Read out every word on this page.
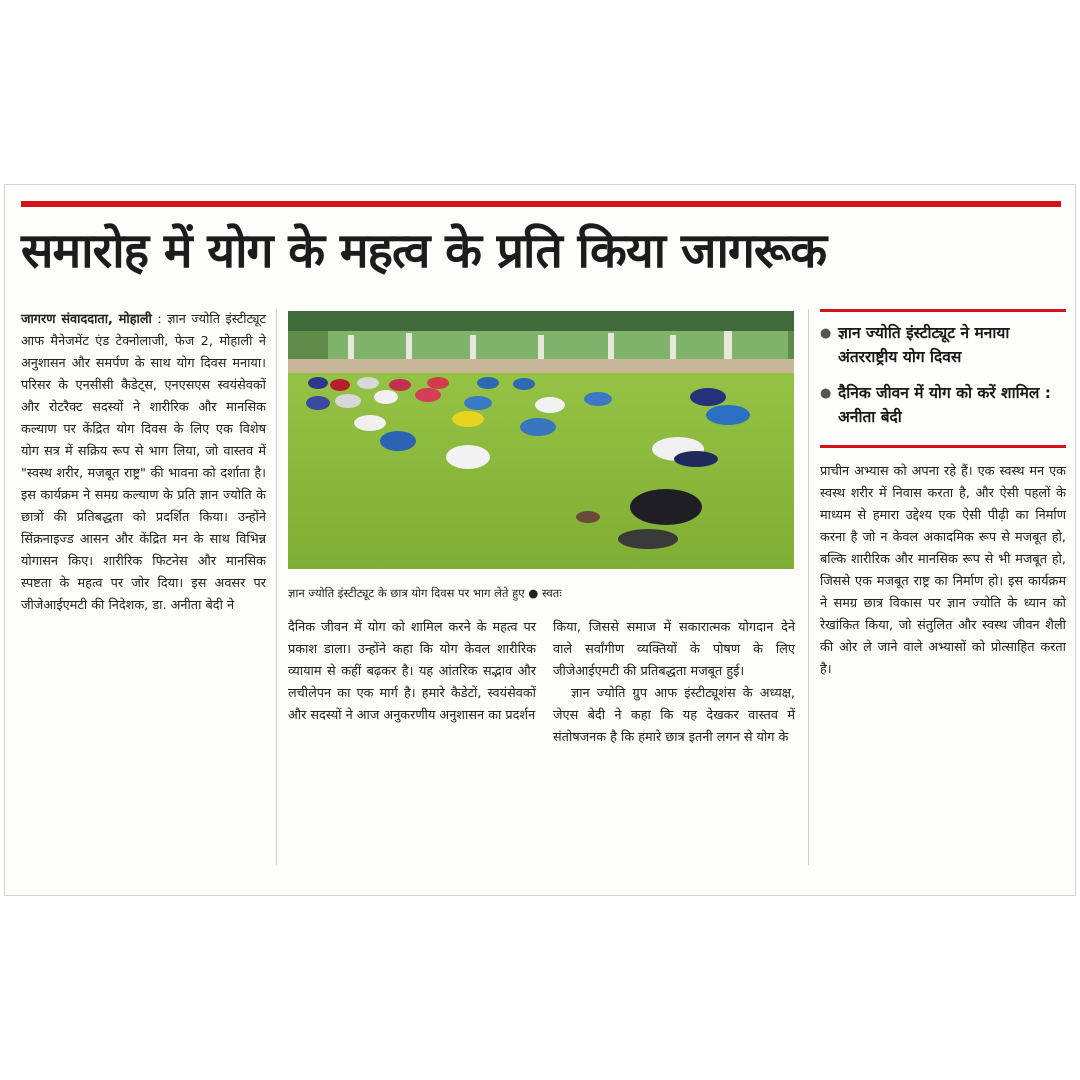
समारोह में योग के महत्व के प्रति किया जागरूक

जागरण संवाददाता, मोहाली : ज्ञान ज्योति इंस्टीट्यूट आफ मैनेजमेंट एंड टेक्नोलाजी, फेज 2, मोहाली ने अनुशासन और समर्पण के साथ योग दिवस मनाया। परिसर के एनसीसी कैडेट्स, एनएसएस स्वयंसेवकों और रोटरैक्ट सदस्यों ने शारीरिक और मानसिक कल्याण पर केंद्रित योग दिवस के लिए एक विशेष योग सत्र में सक्रिय रूप से भाग लिया, जो वास्तव में "स्वस्थ शरीर, मजबूत राष्ट्र" की भावना को दर्शाता है। इस कार्यक्रम ने समग्र कल्याण के प्रति ज्ञान ज्योति के छात्रों की प्रतिबद्धता को प्रदर्शित किया। उन्होंने सिंक्रनाइज्ड आसन और केंद्रित मन के साथ विभिन्न योगासन किए। शारीरिक फिटनेस और मानसिक स्पष्टता के महत्व पर जोर दिया। इस अवसर पर जीजेआईएमटी की निदेशक, डा. अनीता बेदी ने

ज्ञान ज्योति इंस्टीट्यूट के छात्र योग दिवस पर भाग लेते हुए ● स्वतः

दैनिक जीवन में योग को शामिल करने के महत्व पर प्रकाश डाला। उन्होंने कहा कि योग केवल शारीरिक व्यायाम से कहीं बढ़कर है। यह आंतरिक सद्भाव और लचीलेपन का एक मार्ग है। हमारे कैडेटों, स्वयंसेवकों और सदस्यों ने आज अनुकरणीय अनुशासन का प्रदर्शन

किया, जिससे समाज में सकारात्मक योगदान देने वाले सर्वांगीण व्यक्तियों के पोषण के लिए जीजेआईएमटी की प्रतिबद्धता मजबूत हुई।

ज्ञान ज्योति ग्रुप आफ इंस्टीट्यूशंस के अध्यक्ष, जेएस बेदी ने कहा कि यह देखकर वास्तव में संतोषजनक है कि हमारे छात्र इतनी लगन से योग के

● ज्ञान ज्योति इंस्टीट्यूट ने मनाया अंतरराष्ट्रीय योग दिवस
● दैनिक जीवन में योग को करें शामिल : अनीता बेदी

प्राचीन अभ्यास को अपना रहे हैं। एक स्वस्थ मन एक स्वस्थ शरीर में निवास करता है, और ऐसी पहलों के माध्यम से हमारा उद्देश्य एक ऐसी पीढ़ी का निर्माण करना है जो न केवल अकादमिक रूप से मजबूत हो, बल्कि शारीरिक और मानसिक रूप से भी मजबूत हो, जिससे एक मजबूत राष्ट्र का निर्माण हो। इस कार्यक्रम ने समग्र छात्र विकास पर ज्ञान ज्योति के ध्यान को रेखांकित किया, जो संतुलित और स्वस्थ जीवन शैली की ओर ले जाने वाले अभ्यासों को प्रोत्साहित करता है।
